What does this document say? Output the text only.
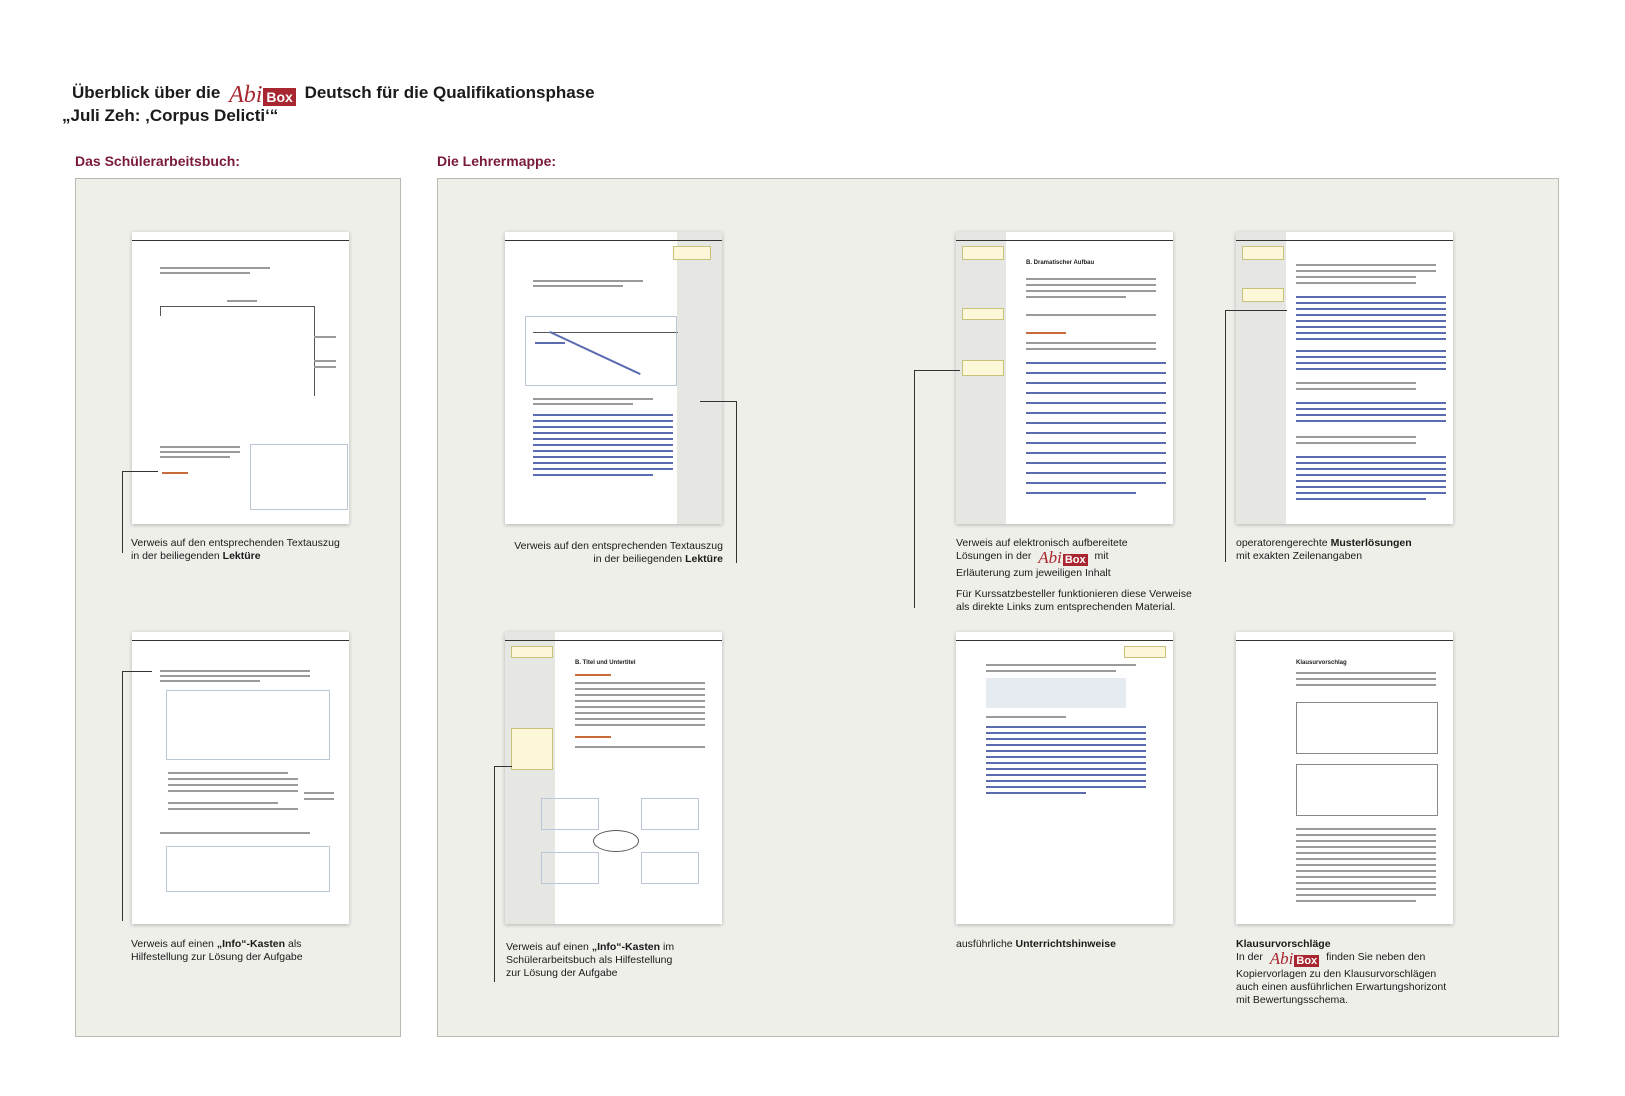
Überblick über die Abi Box Deutsch für die Qualifikationsphase
„Juli Zeh: ‚Corpus Delicti‘“
Das Schülerarbeitsbuch:	Die Lehrermappe:
Verweis auf den entsprechenden Textauszug
in der beiliegenden Lektüre
Verweis auf einen „Info“-Kasten als
Hilfestellung zur Lösung der Aufgabe
Verweis auf den entsprechenden Textauszug
in der beiliegenden Lektüre
B. Dramatischer Aufbau
Verweis auf elektronisch aufbereitete
Lösungen in der Abi Box mit
Erläuterung zum jeweiligen Inhalt
Für Kurssatzbesteller funktionieren diese Verweise
als direkte Links zum entsprechenden Material.
operatorengerechte Musterlösungen
mit exakten Zeilenangaben
B. Titel und Untertitel
Verweis auf einen „Info“-Kasten im
Schülerarbeitsbuch als Hilfestellung
zur Lösung der Aufgabe
ausführliche Unterrichtshinweise
Klausurvorschlag
Klausurvorschläge
In der Abi Box finden Sie neben den
Kopiervorlagen zu den Klausurvorschlägen
auch einen ausführlichen Erwartungshorizont
mit Bewertungsschema.
